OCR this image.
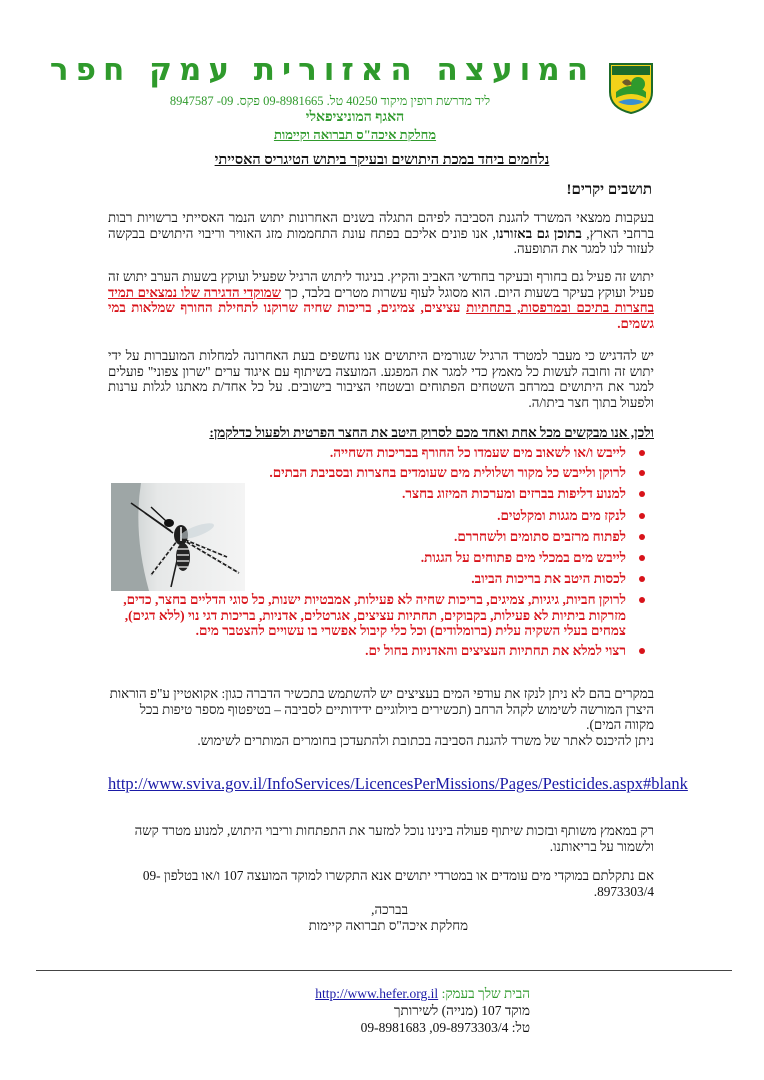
המועצה האזורית עמק חפר
ליד מדרשת רופין מיקוד 40250 טל. 09-8981665 פקס. 09- 8947587
האגף המוניציפאלי
מחלקת איכה"ס תברואה וקיימות
נלחמים ביחד במכת היתושים ובעיקר ביתוש הטיגריס האסייתי
תושבים יקרים!
בעקבות ממצאי המשרד להגנת הסביבה לפיהם התגלה בשנים האחרונות יתוש הנמר האסייתי ברשויות רבות ברחבי הארץ, בתוכן גם באזורנו, אנו פונים אליכם בפתח עונת התחממות מזג האוויר וריבוי היתושים בבקשה לעזור לנו למגר את התופעה.
יתוש זה פעיל גם בחורף ובעיקר בחודשי האביב והקיץ. בניגוד ליתוש הרגיל שפעיל ועוקץ בשעות הערב יתוש זה פעיל ועוקץ בעיקר בשעות היום. הוא מסוגל לעוף עשרות מטרים בלבד, כך שמוקדי הדגירה שלו נמצאים תמיד בחצרות בתיכם ובמרפסות, בתחתיות עציצים, צמיגים, בריכות שחיה שרוקנו לתחילת החורף שמלאות במי גשמים.
יש להדגיש כי מעבר למטרד הרגיל שגורמים היתושים אנו נחשפים בעת האחרונה למחלות המועברות על ידי יתוש זה וחובה לעשות כל מאמץ כדי למגר את המפגע. המועצה בשיתוף עם איגוד ערים "שרון צפוני" פועלים למגר את היתושים במרחב השטחים הפתוחים ובשטחי הציבור בישובים. על כל אחד/ת מאתנו לגלות ערנות ולפעול בתוך חצר ביתו/ה.
ולכן, אנו מבקשים מכל אחת ואחד מכם לסרוק היטב את החצר הפרטית ולפעול כדלקמן:
לייבש ו/או לשאוב מים שעמדו כל החורף בבריכות השחייה.
לרוקן ולייבש כל מקור ושלולית מים שעומדים בחצרות ובסביבת הבתים.
למנוע דליפות בברזים ומערכות המיזוג בחצר.
לנקז מים מגגות ומקלטים.
לפתוח מרזבים סתומים ולשחררם.
לייבש מים במכלי מים פתוחים על הגגות.
לכסות היטב את בריכות הביוב.
לרוקן חביות, גיגיות, צמיגים, בריכות שחיה לא פעילות, אמבטיות ישנות, כל סוגי הדליים בחצר, כדים, מזרקות ביתיות לא פעילות, בקבוקים, תחתיות עציצים, אגרטלים, אדניות, בריכות דגי נוי (ללא דגים), צמחים בעלי השקיה עלית (ברומלודים) וכל כלי קיבול אפשרי בו עשויים להצטבר מים.
רצוי למלא את תחתיות העציצים והאדניות בחול ים.
במקרים בהם לא ניתן לנקז את עודפי המים בעציצים יש להשתמש בתכשיר הדברה כגון: אקואטיין ע"פ הוראות היצרן המורשה לשימוש לקהל הרחב (תכשירים ביולוגיים ידידותיים לסביבה – בטיפטוף מספר טיפות בכל מקווה המים).
ניתן להיכנס לאתר של משרד להגנת הסביבה בכתובת ולהתעדכן בחומרים המותרים לשימוש.
http://www.sviva.gov.il/InfoServices/LicencesPerMissions/Pages/Pesticides.aspx#blank
רק במאמץ משותף ובזכות שיתוף פעולה בינינו נוכל למזער את התפתחות וריבוי היתוש, למנוע מטרד קשה ולשמור על בריאותנו.
אם נתקלתם במוקדי מים עומדים או במטרדי יתושים אנא התקשרו למוקד המועצה 107 ו/או בטלפון 09-8973303/4.
בברכה,
מחלקת איכה"ס תברואה קיימות
הבית שלך בעמק: http://www.hefer.org.il
מוקד 107 (מנייה) לשירותך
טל: 09-8973303/4, 09-8981683
